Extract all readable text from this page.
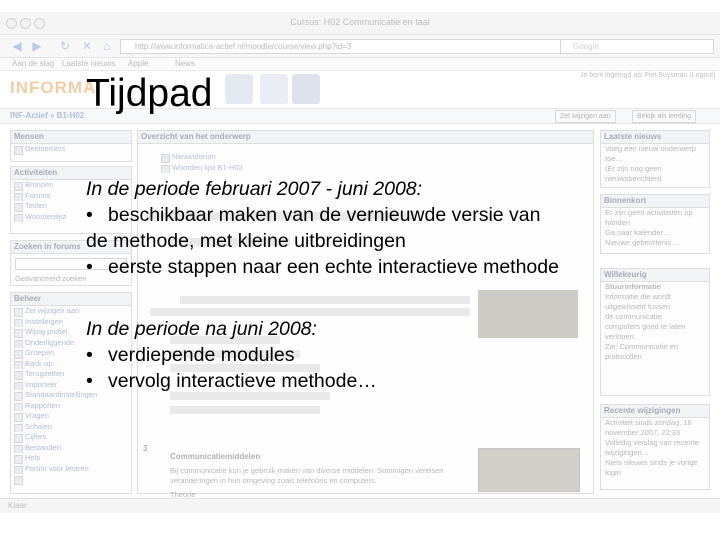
Cursus: H02 Communicatie en taal
◀ ▶ ↻ ✕ ⌂	http://www.informatica-actief.nl/moodle/course/view.php?id=3	Google
Aan de slag Laatste nieuws Apple	News
INFORMA
Je bent ingelogd als Piet Buysman (Logout)
INF-Actief » B1-H02	Zet wijzigen aan	Bekijk als leerling
Mensen
Deelnemers
Activiteiten
Bronnen
Forums
Testen
Woordenlijst
Zoeken in forums
Geavanceerd zoeken
Beheer
Zet wijzigen aan
Instellingen
Wijzig profiel
Onderliggende
Groepen
Back-up
Terugzetten
Importeer
Standaardinstellingen
Rapporten
Vragen
Schalen
Cijfers
Bestanden
Help
Forum voor leraren
Overzicht van het onderwerp
Nieuwsforum
Woorden lijst B1-H02
3
Communicatiemiddelen
Bij communicatie kun je gebruik maken van diverse middelen. Sommigen vereisen
veranderingen in hun omgeving zoals telefoons en computers.
Theorie
Laatste nieuws
Voeg een nieuw onderwerp
toe…
(Er zijn nog geen
nieuwsberichten)
Binnenkort
Er zijn geen activiteiten op
handen
Ga naar kalender…
Nieuwe gebeurtenis…
Willekeurig
Stuurinformatie
Informatie die wordt
uitgewisseld tussen
de communicatie
computers goed te laten
verlopen.
Zie: Communicatie en
protocollen
Recente wijzigingen
Activiteit sinds zondag, 18
november 2007, 22:33
Volledig verslag van recente
wijzigingen…
Niets nieuws sinds je vorige
login
Klaar
Tijdpad
In de periode februari 2007 - juni 2008:
• beschikbaar maken van de vernieuwde versie van
de methode, met kleine uitbreidingen
• eerste stappen naar een echte interactieve methode
In de periode na juni 2008:
• verdiepende modules
• vervolg interactieve methode…
